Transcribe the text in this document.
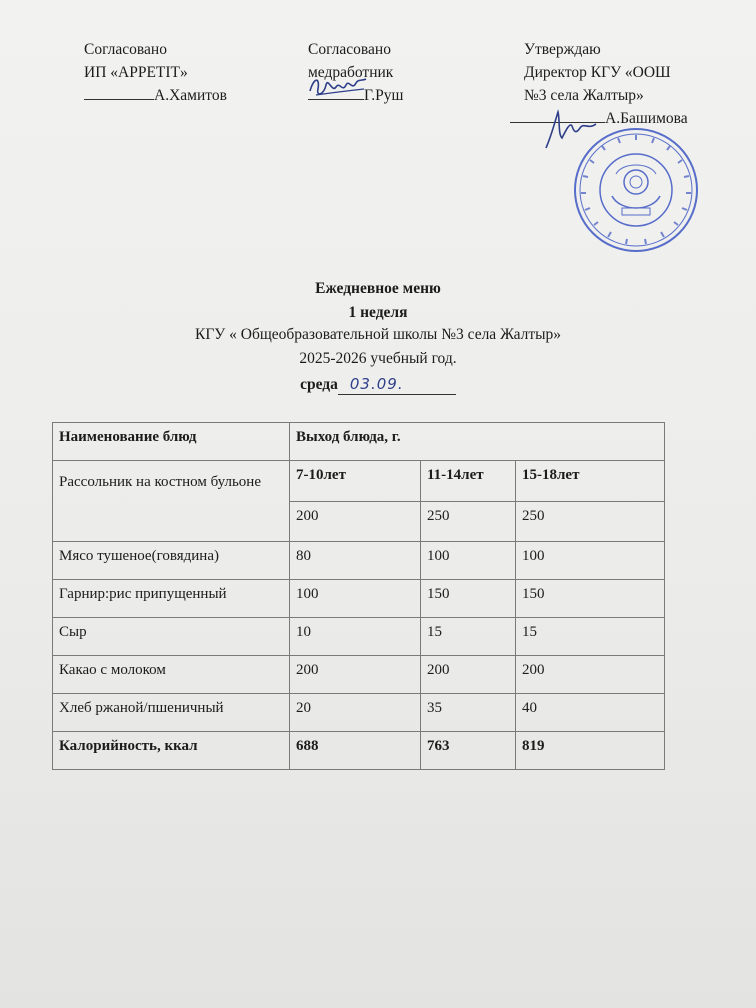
Согласовано
ИП «APPETIT»
А.Хамитов
Согласовано
медработник
Г.Руш
Утверждаю
Директор КГУ «ООШ
№3 села Жалтыр»
А.Башимова
Ежедневное меню
1 неделя
КГУ « Общеобразовательной школы №3 села Жалтыр»
2025-2026 учебный год.
среда 03.09.
Наименование блюд	Выход блюда, г.		

Рассольник на костном бульоне	7-10лет	11-14лет	15-18лет
	200	250	250
Мясо тушеное(говядина)	80	100	100
Гарнир:рис припущенный	100	150	150
Сыр	10	15	15
Какао с молоком	200	200	200
Хлеб ржаной/пшеничный	20	35	40
Калорийность, ккал	688	763	819
